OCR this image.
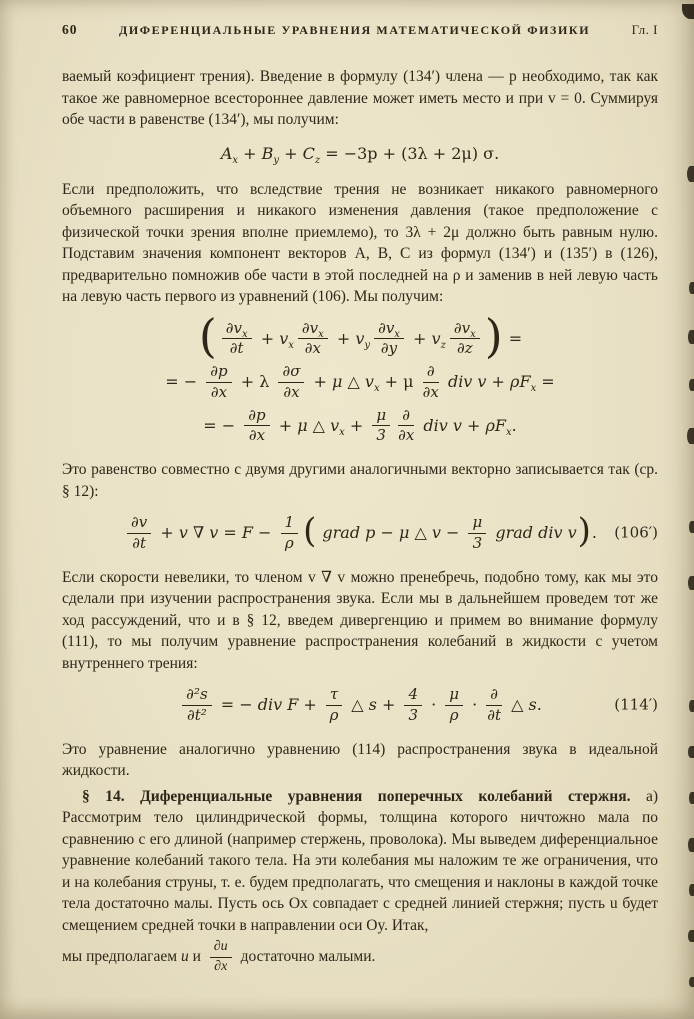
60	ДИФЕРЕНЦИАЛЬНЫЕ УРАВНЕНИЯ МАТЕМАТИЧЕСКОЙ ФИЗИКИ	Гл. I

ваемый коэфициент трения). Введение в формулу (134′) члена — p необходимо, так как такое же равномерное всестороннее давление может иметь место и при v = 0. Суммируя обе части в равенстве (134′), мы получим:

$A_x + B_y + C_z = -3p + (3\lambda + 2\mu)$ σ.

Если предположить, что вследствие трения не возникает никакого равномерного объемного расширения и никакого изменения давления (такое предположение с физической точки зрения вполне приемлемо), то 3λ + 2μ должно быть равным нулю. Подставим значения компонент векторов A, B, C из формул (134′) и (135′) в (126), предварительно помножив обе части в этой последней на ρ и заменив в ней левую часть на левую часть первого из уравнений (106). Мы получим:

( $\frac{\partial v_x}{\partial t} + v_x \frac{\partial v_x}{\partial x} + v_y \frac{\partial v_x}{\partial y} + v_z \frac{\partial v_x}{\partial z}$ ) =
= − $\frac{\partial p}{\partial x} + \lambda \frac{\partial\sigma}{\partial x} + \mu$ △ $v_x + \mu \frac{\partial}{\partial x}$ div $v + \rho F_x$ =
= − $\frac{\partial p}{\partial x} + \mu$ △ $v_x + \frac{\mu}{3} \frac{\partial}{\partial x}$ div $v + \rho F_x$.

Это равенство совместно с двумя другими аналогичными векторно записывается так (ср. § 12):

$\frac{\partial v}{\partial t} + v$ ∇ $v = F - \frac{1}{\rho}$ ( grad p − μ △ $v - \frac{\mu}{3}$ grad div v). (106′)

Если скорости невелики, то членом v ∇ v можно пренебречь, подобно тому, как мы это сделали при изучении распространения звука. Если мы в дальнейшем проведем тот же ход рассуждений, что и в § 12, введем дивергенцию и примем во внимание формулу (111), то мы получим уравнение распространения колебаний в жидкости с учетом внутреннего трения:

$\frac{\text{∂²s}}{\text{∂t²}}$ = − div $F + \frac{\tau}{\rho}$ △ $s + \frac{4}{3} \cdot \frac{\mu}{\rho} \cdot \frac{\partial}{\partial t}$ △ s.	(114′)

Это уравнение аналогично уравнению (114) распространения звука в идеальной жидкости.

§ 14. Диференциальные уравнения поперечных колебаний стержня. а) Рассмотрим тело цилиндрической формы, толщина которого ничтожно мала по сравнению с его длиной (например стержень, проволока). Мы выведем диференциальное уравнение колебаний такого тела. На эти колебания мы наложим те же ограничения, что и на колебания струны, т. е. будем предполагать, что смещения и наклоны в каждой точке тела достаточно малы. Пусть ось Ox совпадает с средней линией стержня; пусть u будет смещением средней точки в направлении оси Oy. Итак,

мы предполагаем u и $\frac{\partial u}{\partial x}$ достаточно малыми.
